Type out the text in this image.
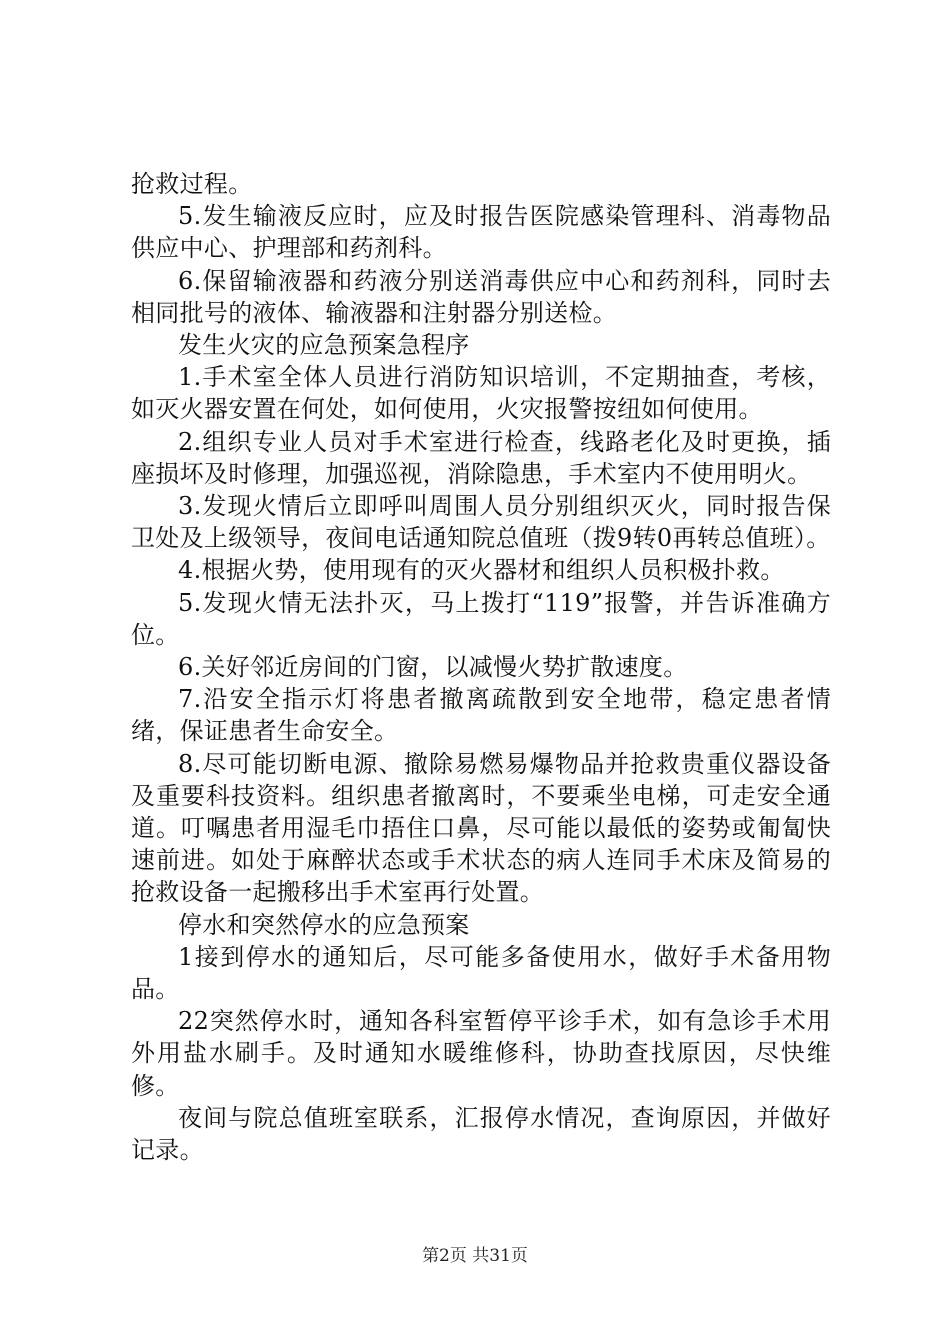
抢救过程。

5.发生输液反应时，应及时报告医院感染管理科、消毒物品供应中心、护理部和药剂科。

6.保留输液器和药液分别送消毒供应中心和药剂科，同时去相同批号的液体、输液器和注射器分别送检。

发生火灾的应急预案急程序

1.手术室全体人员进行消防知识培训，不定期抽查，考核，如灭火器安置在何处，如何使用，火灾报警按纽如何使用。

2.组织专业人员对手术室进行检查，线路老化及时更换，插座损坏及时修理，加强巡视，消除隐患，手术室内不使用明火。

3.发现火情后立即呼叫周围人员分别组织灭火，同时报告保卫处及上级领导，夜间电话通知院总值班（拨9转0再转总值班）。

4.根据火势，使用现有的灭火器材和组织人员积极扑救。

5.发现火情无法扑灭，马上拨打“119”报警，并告诉准确方位。

6.关好邻近房间的门窗，以减慢火势扩散速度。

7.沿安全指示灯将患者撤离疏散到安全地带，稳定患者情绪，保证患者生命安全。

8.尽可能切断电源、撤除易燃易爆物品并抢救贵重仪器设备及重要科技资料。组织患者撤离时，不要乘坐电梯，可走安全通道。叮嘱患者用湿毛巾捂住口鼻，尽可能以最低的姿势或匍匐快速前进。如处于麻醉状态或手术状态的病人连同手术床及简易的抢救设备一起搬移出手术室再行处置。

停水和突然停水的应急预案

1接到停水的通知后，尽可能多备使用水，做好手术备用物品。

22突然停水时，通知各科室暂停平诊手术，如有急诊手术用外用盐水刷手。及时通知水暖维修科，协助查找原因，尽快维修。

夜间与院总值班室联系，汇报停水情况，查询原因，并做好记录。

第2页 共31页
